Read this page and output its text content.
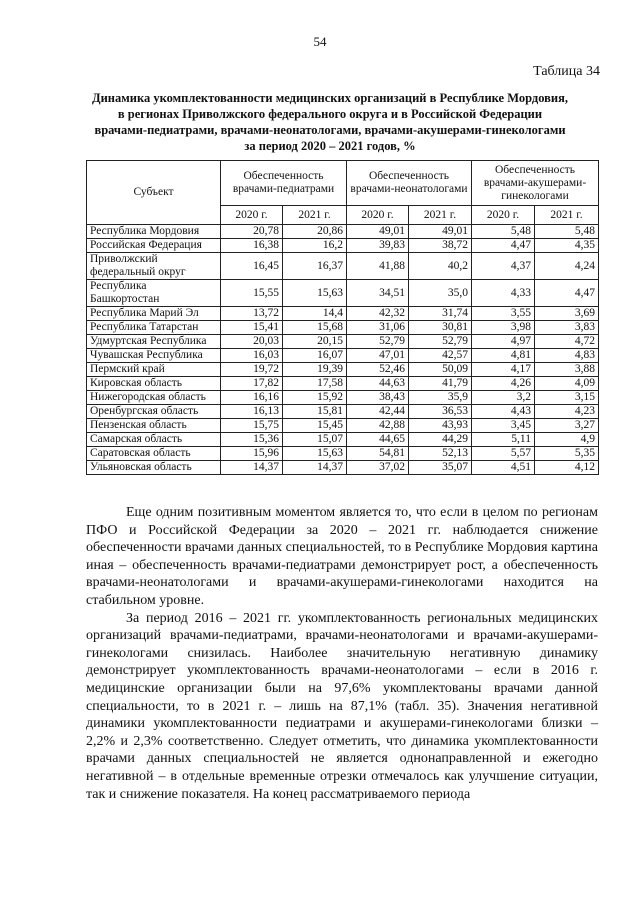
54
Таблица 34
Динамика укомплектованности медицинских организаций в Республике Мордовия,
в регионах Приволжского федерального округа и в Российской Федерации
врачами-педиатрами, врачами-неонатологами, врачами-акушерами-гинекологами
за период 2020 – 2021 годов, %
Субъект	Обеспеченность врачами-педиатрами		Обеспеченность врачами-неонатологами		Обеспеченность врачами-акушерами-гинекологами	
	2020 г.	2021 г.	2020 г.	2021 г.	2020 г.	2021 г.
Республика Мордовия	20,78	20,86	49,01	49,01	5,48	5,48
Российская Федерация	16,38	16,2	39,83	38,72	4,47	4,35
Приволжский федеральный округ	16,45	16,37	41,88	40,2	4,37	4,24
Республика Башкортостан	15,55	15,63	34,51	35,0	4,33	4,47
Республика Марий Эл	13,72	14,4	42,32	31,74	3,55	3,69
Республика Татарстан	15,41	15,68	31,06	30,81	3,98	3,83
Удмуртская Республика	20,03	20,15	52,79	52,79	4,97	4,72
Чувашская Республика	16,03	16,07	47,01	42,57	4,81	4,83
Пермский край	19,72	19,39	52,46	50,09	4,17	3,88
Кировская область	17,82	17,58	44,63	41,79	4,26	4,09
Нижегородская область	16,16	15,92	38,43	35,9	3,2	3,15
Оренбургская область	16,13	15,81	42,44	36,53	4,43	4,23
Пензенская область	15,75	15,45	42,88	43,93	3,45	3,27
Самарская область	15,36	15,07	44,65	44,29	5,11	4,9
Саратовская область	15,96	15,63	54,81	52,13	5,57	5,35
Ульяновская область	14,37	14,37	37,02	35,07	4,51	4,12

Еще одним позитивным моментом является то, что если в целом по регионам ПФО и Российской Федерации за 2020 – 2021 гг. наблюдается снижение обеспеченности врачами данных специальностей, то в Республике Мордовия картина иная – обеспеченность врачами-педиатрами демонстрирует рост, а обеспеченность врачами-неонатологами и врачами-акушерами-гинекологами находится на стабильном уровне.

За период 2016 – 2021 гг. укомплектованность региональных медицинских организаций врачами-педиатрами, врачами-неонатологами и врачами-акушерами-гинекологами снизилась. Наиболее значительную негативную динамику демонстрирует укомплектованность врачами-неонатологами – если в 2016 г. медицинские организации были на 97,6% укомплектованы врачами данной специальности, то в 2021 г. – лишь на 87,1% (табл. 35). Значения негативной динамики укомплектованности педиатрами и акушерами-гинекологами близки – 2,2% и 2,3% соответственно. Следует отметить, что динамика укомплектованности врачами данных специальностей не является однонаправленной и ежегодно негативной – в отдельные временные отрезки отмечалось как улучшение ситуации, так и снижение показателя. На конец рассматриваемого периода
